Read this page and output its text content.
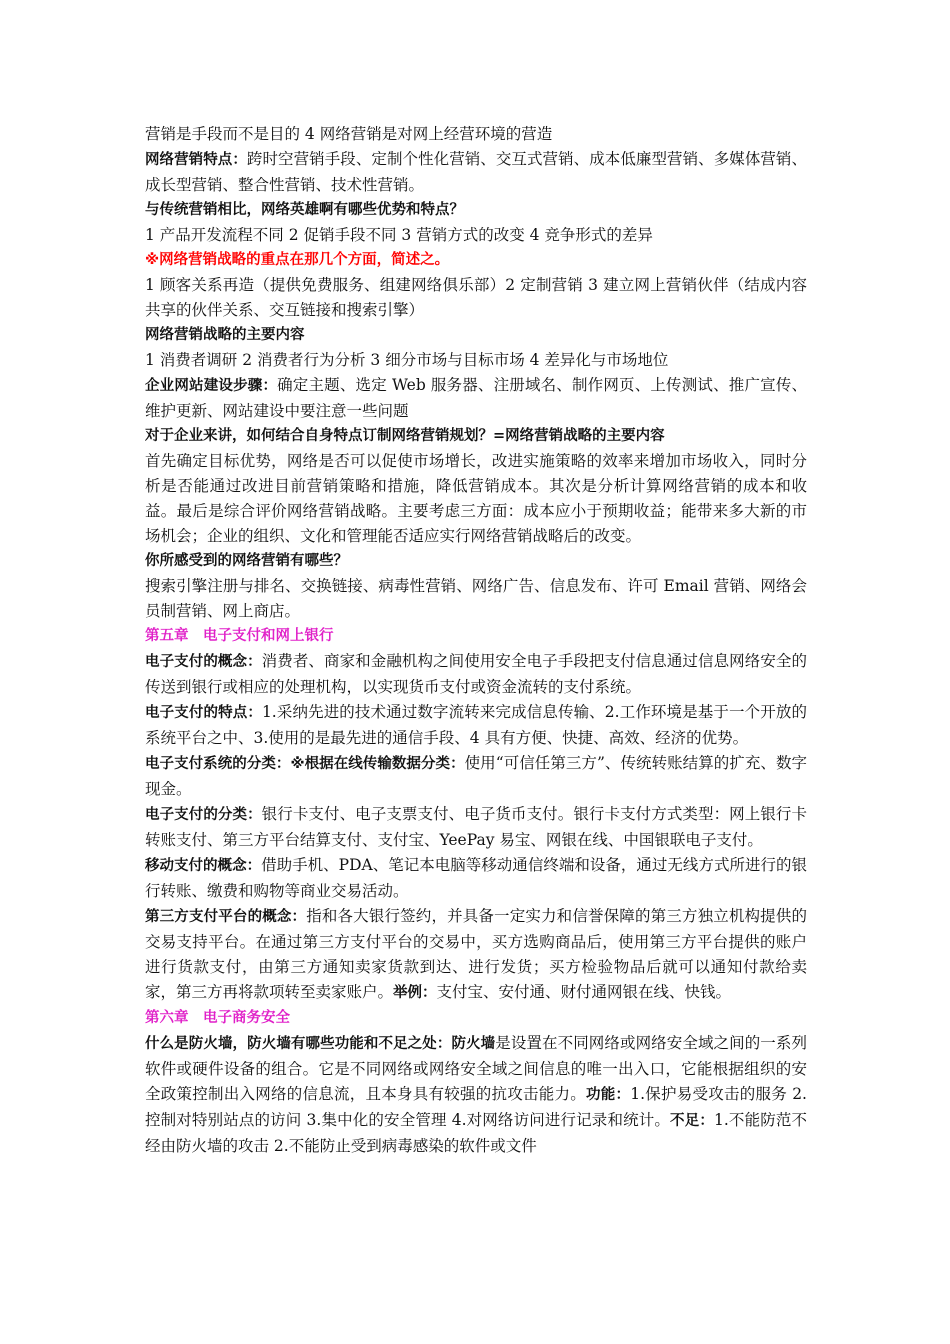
营销是手段而不是目的 4 网络营销是对网上经营环境的营造

网络营销特点：跨时空营销手段、定制个性化营销、交互式营销、成本低廉型营销、多媒体营销、成长型营销、整合性营销、技术性营销。

与传统营销相比，网络英雄啊有哪些优势和特点？

1 产品开发流程不同 2 促销手段不同 3 营销方式的改变 4 竞争形式的差异

※网络营销战略的重点在那几个方面，简述之。

1 顾客关系再造（提供免费服务、组建网络俱乐部）2 定制营销 3 建立网上营销伙伴（结成内容共享的伙伴关系、交互链接和搜索引擎）

网络营销战略的主要内容

1 消费者调研 2 消费者行为分析 3 细分市场与目标市场 4 差异化与市场地位

企业网站建设步骤：确定主题、选定 Web 服务器、注册域名、制作网页、上传测试、推广宣传、维护更新、网站建设中要注意一些问题

对于企业来讲，如何结合自身特点订制网络营销规划？=网络营销战略的主要内容

首先确定目标优势，网络是否可以促使市场增长，改进实施策略的效率来增加市场收入，同时分析是否能通过改进目前营销策略和措施，降低营销成本。其次是分析计算网络营销的成本和收益。最后是综合评价网络营销战略。主要考虑三方面：成本应小于预期收益；能带来多大新的市场机会；企业的组织、文化和管理能否适应实行网络营销战略后的改变。

你所感受到的网络营销有哪些？

搜索引擎注册与排名、交换链接、病毒性营销、网络广告、信息发布、许可 Email 营销、网络会员制营销、网上商店。

第五章　电子支付和网上银行

电子支付的概念：消费者、商家和金融机构之间使用安全电子手段把支付信息通过信息网络安全的传送到银行或相应的处理机构，以实现货币支付或资金流转的支付系统。

电子支付的特点：1.采纳先进的技术通过数字流转来完成信息传输、2.工作环境是基于一个开放的系统平台之中、3.使用的是最先进的通信手段、4 具有方便、快捷、高效、经济的优势。

电子支付系统的分类：※根据在线传输数据分类：使用“可信任第三方”、传统转账结算的扩充、数字现金。

电子支付的分类：银行卡支付、电子支票支付、电子货币支付。银行卡支付方式类型：网上银行卡转账支付、第三方平台结算支付、支付宝、YeePay 易宝、网银在线、中国银联电子支付。

移动支付的概念：借助手机、PDA、笔记本电脑等移动通信终端和设备，通过无线方式所进行的银行转账、缴费和购物等商业交易活动。

第三方支付平台的概念：指和各大银行签约，并具备一定实力和信誉保障的第三方独立机构提供的交易支持平台。在通过第三方支付平台的交易中，买方选购商品后，使用第三方平台提供的账户进行货款支付，由第三方通知卖家货款到达、进行发货；买方检验物品后就可以通知付款给卖家，第三方再将款项转至卖家账户。举例：支付宝、安付通、财付通网银在线、快钱。

第六章　电子商务安全

什么是防火墙，防火墙有哪些功能和不足之处：防火墙是设置在不同网络或网络安全域之间的一系列软件或硬件设备的组合。它是不同网络或网络安全域之间信息的唯一出入口，它能根据组织的安全政策控制出入网络的信息流，且本身具有较强的抗攻击能力。功能：1.保护易受攻击的服务 2.控制对特别站点的访问 3.集中化的安全管理 4.对网络访问进行记录和统计。不足：1.不能防范不经由防火墙的攻击 2.不能防止受到病毒感染的软件或文件
